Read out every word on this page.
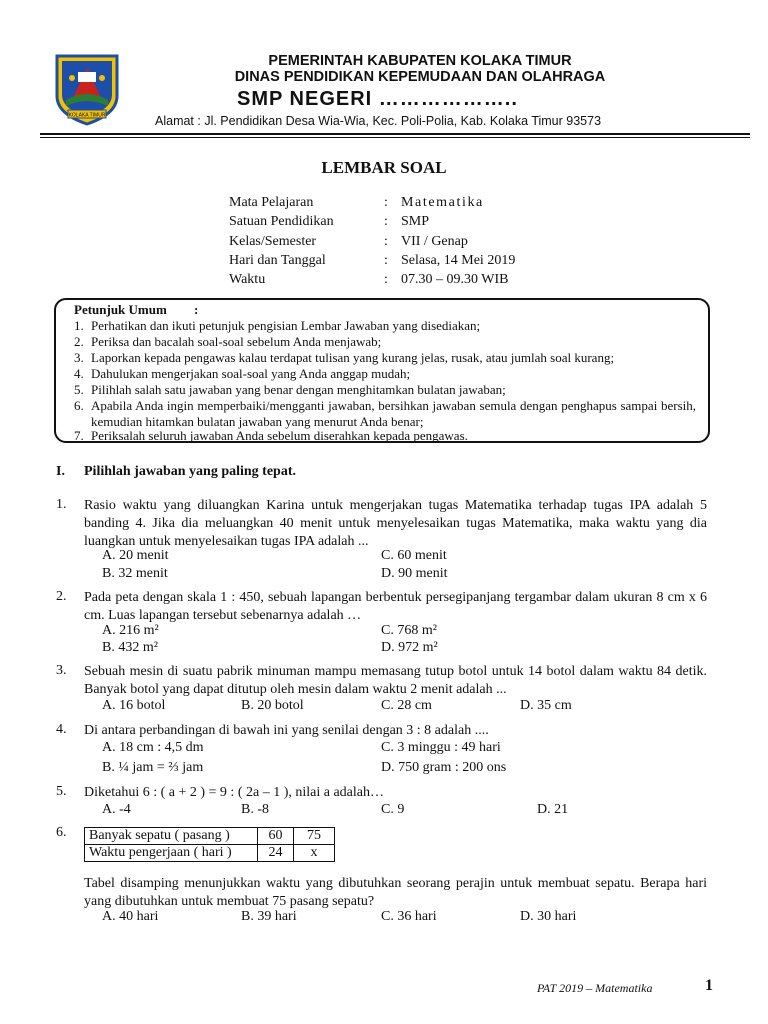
KOLAKA TIMUR
PEMERINTAH KABUPATEN KOLAKA TIMUR
DINAS PENDIDIKAN KEPEMUDAAN DAN OLAHRAGA
SMP NEGERI ………………..
Alamat : Jl. Pendidikan Desa Wia-Wia, Kec. Poli-Polia, Kab. Kolaka Timur 93573
LEMBAR SOAL
Mata Pelajaran	: Matematika
Satuan Pendidikan	: SMP
Kelas/Semester	: VII / Genap
Hari dan Tanggal	: Selasa, 14 Mei 2019
Waktu	: 07.30 – 09.30 WIB
Petunjuk Umum :
1. Perhatikan dan ikuti petunjuk pengisian Lembar Jawaban yang disediakan;
2. Periksa dan bacalah soal-soal sebelum Anda menjawab;
3. Laporkan kepada pengawas kalau terdapat tulisan yang kurang jelas, rusak, atau jumlah soal kurang;
4. Dahulukan mengerjakan soal-soal yang Anda anggap mudah;
5. Pilihlah salah satu jawaban yang benar dengan menghitamkan bulatan jawaban;
6. Apabila Anda ingin memperbaiki/mengganti jawaban, bersihkan jawaban semula dengan penghapus sampai bersih, kemudian hitamkan bulatan jawaban yang menurut Anda benar;
7. Periksalah seluruh jawaban Anda sebelum diserahkan kepada pengawas.
I. Pilihlah jawaban yang paling tepat.
1. Rasio waktu yang diluangkan Karina untuk mengerjakan tugas Matematika terhadap tugas IPA adalah 5 banding 4. Jika dia meluangkan 40 menit untuk menyelesaikan tugas Matematika, maka waktu yang dia luangkan untuk menyelesaikan tugas IPA adalah ...
A. 20 menit
B. 32 menit
C. 60 menit
D. 90 menit
2. Pada peta dengan skala 1 : 450, sebuah lapangan berbentuk persegipanjang tergambar dalam ukuran 8 cm x 6 cm. Luas lapangan tersebut sebenarnya adalah …
A. 216 m²
B. 432 m²
C. 768 m²
D. 972 m²
3. Sebuah mesin di suatu pabrik minuman mampu memasang tutup botol untuk 14 botol dalam waktu 84 detik. Banyak botol yang dapat ditutup oleh mesin dalam waktu 2 menit adalah ...
A. 16 botol	B. 20 botol	C. 28 cm	D. 35 cm
4. Di antara perbandingan di bawah ini yang senilai dengan 3 : 8 adalah ....
A. 18 cm : 4,5 dm
B. ¼ jam = ⅔ jam
C. 3 minggu : 49 hari
D. 750 gram : 200 ons
5. Diketahui 6 : ( a + 2 ) = 9 : ( 2a – 1 ), nilai a adalah…
A. -4	B. -8	C. 9	D. 21
6. Banyak sepatu ( pasang )	60	75
Waktu pengerjaan ( hari )	24	x
Tabel disamping menunjukkan waktu yang dibutuhkan seorang perajin untuk membuat sepatu. Berapa hari yang dibutuhkan untuk membuat 75 pasang sepatu?
A. 40 hari	B. 39 hari	C. 36 hari	D. 30 hari
PAT 2019 – Matematika	1
